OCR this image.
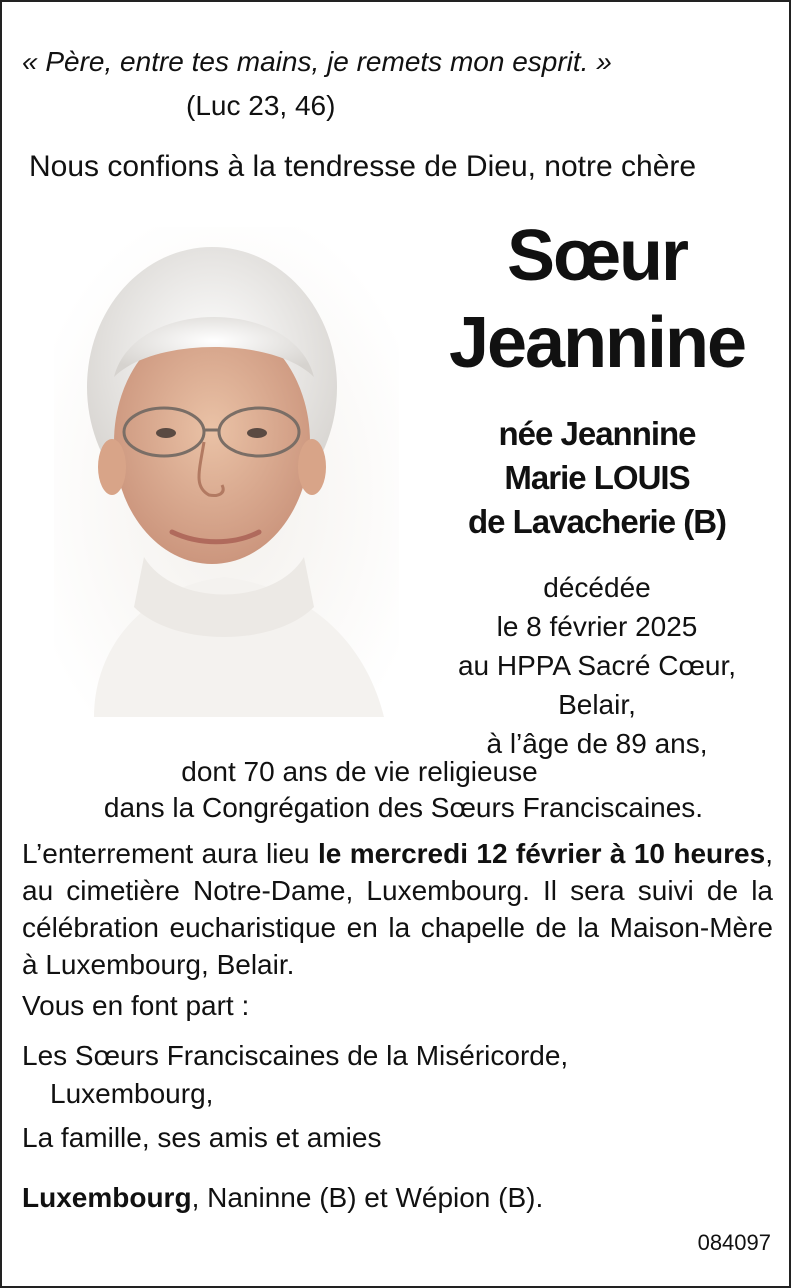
« Père, entre tes mains, je remets mon esprit. »
(Luc 23, 46)
Nous confions à la tendresse de Dieu, notre chère
Sœur
Jeannine
née Jeannine
Marie LOUIS
de Lavacherie (B)
décédée
le 8 février 2025
au HPPA Sacré Cœur,
Belair,
à l’âge de 89 ans,
dont 70 ans de vie religieuse
dans la Congrégation des Sœurs Franciscaines.
L’enterrement aura lieu le mercredi 12 février à 10 heures, au cimetière Notre-Dame, Luxembourg. Il sera suivi de la célébration eucharistique en la chapelle de la Maison-Mère à Luxembourg, Belair.
Vous en font part :
Les Sœurs Franciscaines de la Miséricorde,
Luxembourg,
La famille, ses amis et amies
Luxembourg, Naninne (B) et Wépion (B).
084097
